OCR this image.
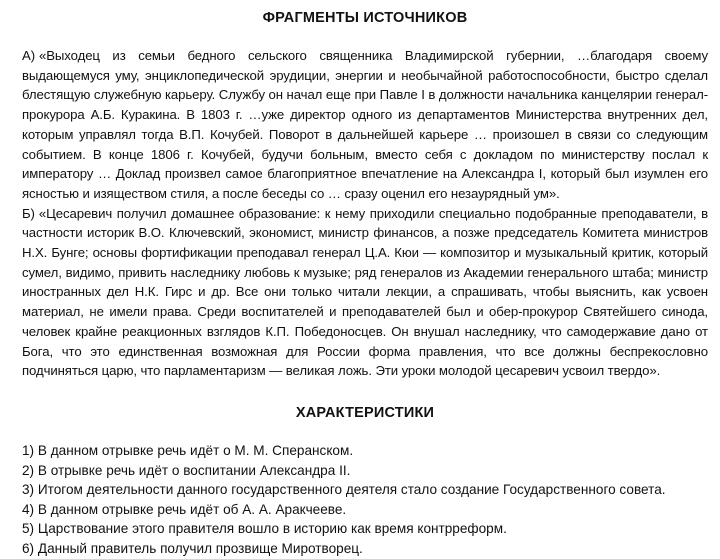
ФРАГМЕНТЫ ИСТОЧНИКОВ

А) «Выходец из семьи бедного сельского священника Владимирской губернии, …благодаря своему выдающемуся уму, энциклопедической эрудиции, энергии и необычайной работоспособности, быстро сделал блестящую служебную карьеру. Службу он начал еще при Павле I в должности начальника канцелярии генерал-прокурора А.Б. Куракина. В 1803 г. …уже директор одного из департаментов Министерства внутренних дел, которым управлял тогда В.П. Кочубей. Поворот в дальнейшей карьере … произошел в связи со следующим событием. В конце 1806 г. Кочубей, будучи больным, вместо себя с докладом по министерству послал к императору … Доклад произвел самое благоприятное впечатление на Александра I, который был изумлен его ясностью и изяществом стиля, а после беседы со … сразу оценил его незаурядный ум».

Б) «Цесаревич получил домашнее образование: к нему приходили специально подобранные преподаватели, в частности историк В.О. Ключевский, экономист, министр финансов, а позже председатель Комитета министров Н.Х. Бунге; основы фортификации преподавал генерал Ц.А. Кюи — композитор и музыкальный критик, который сумел, видимо, привить наследнику любовь к музыке; ряд генералов из Академии генерального штаба; министр иностранных дел Н.К. Гирс и др. Все они только читали лекции, а спрашивать, чтобы выяснить, как усвоен материал, не имели права. Среди воспитателей и преподавателей был и обер-прокурор Святейшего синода, человек крайне реакционных взглядов К.П. Победоносцев. Он внушал наследнику, что самодержавие дано от Бога, что это единственная возможная для России форма правления, что все должны беспрекословно подчиняться царю, что парламентаризм — великая ложь. Эти уроки молодой цесаревич усвоил твердо».

ХАРАКТЕРИСТИКИ
1) В данном отрывке речь идёт о М. М. Сперанском.
2) В отрывке речь идёт о воспитании Александра II.
3) Итогом деятельности данного государственного деятеля стало создание Государственного совета.
4) В данном отрывке речь идёт об А. А. Аракчееве.
5) Царствование этого правителя вошло в историю как время контрреформ.
6) Данный правитель получил прозвище Миротворец.
